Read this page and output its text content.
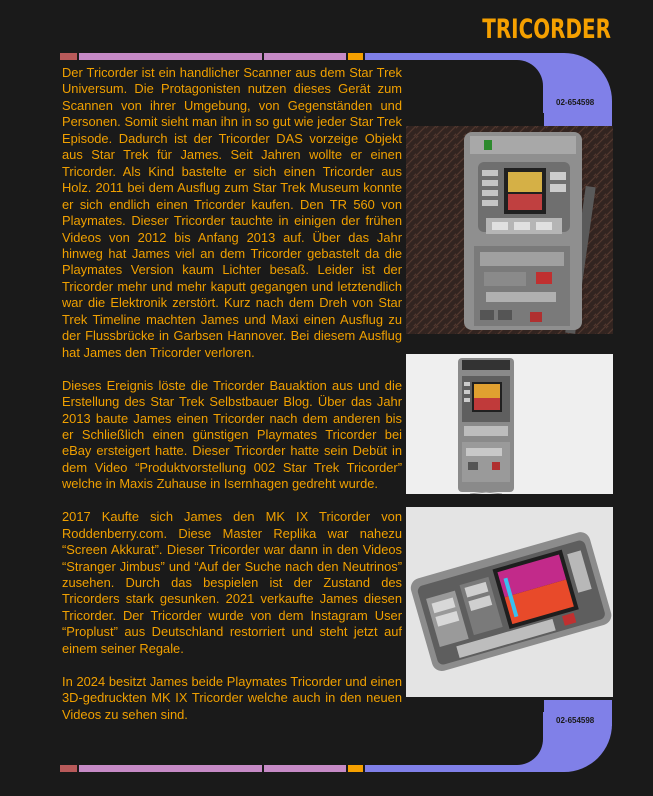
TRICORDER
02-654598
02-654598

Der Tricorder ist ein handlicher Scanner aus dem Star Trek Universum. Die Protagonisten nutzen dieses Gerät zum Scannen von ihrer Umgebung, von Gegenständen und Personen. Somit sieht man ihn in so gut wie jeder Star Trek Episode. Dadurch ist der Tricorder DAS vorzeige Objekt aus Star Trek für James. Seit Jahren wollte er einen Tricorder. Als Kind bastelte er sich einen Tricorder aus Holz. 2011 bei dem Ausflug zum Star Trek Museum konnte er sich endlich einen Tricorder kaufen. Den TR 560 von Playmates. Dieser Tricorder tauchte in einigen der frühen Videos von 2012 bis Anfang 2013 auf. Über das Jahr hinweg hat James viel an dem Tricorder gebastelt da die Playmates Version kaum Lichter besaß. Leider ist der Tricorder mehr und mehr kaputt gegangen und letztendlich war die Elektronik zerstört. Kurz nach dem Dreh von Star Trek Timeline machten James und Maxi einen Ausflug zu der Flussbrücke in Garbsen Hannover. Bei diesem Ausflug hat James den Tricorder verloren.

Dieses Ereignis löste die Tricorder Bauaktion aus und die Erstellung des Star Trek Selbstbauer Blog. Über das Jahr 2013 baute James einen Tricorder nach dem anderen bis er Schließlich einen günstigen Playmates Tricorder bei eBay ersteigert hatte. Dieser Tricorder hatte sein Debüt in dem Video “Produktvorstellung 002 Star Trek Tricorder” welche in Maxis Zuhause in Isernhagen gedreht wurde.

2017 Kaufte sich James den MK IX Tricorder von Roddenberry.com. Diese Master Replika war nahezu “Screen Akkurat”. Dieser Tricorder war dann in den Videos “Stranger Jimbus” und “Auf der Suche nach den Neutrinos” zusehen. Durch das bespielen ist der Zustand des Tricorders stark gesunken. 2021 verkaufte James diesen Tricorder. Der Tricorder wurde von dem Instagram User “Proplust” aus Deutschland restorriert und steht jetzt auf einem seiner Regale.

In 2024 besitzt James beide Playmates Tricorder und einen 3D-gedruckten MK IX Tricorder welche auch in den neuen Videos zu sehen sind.
